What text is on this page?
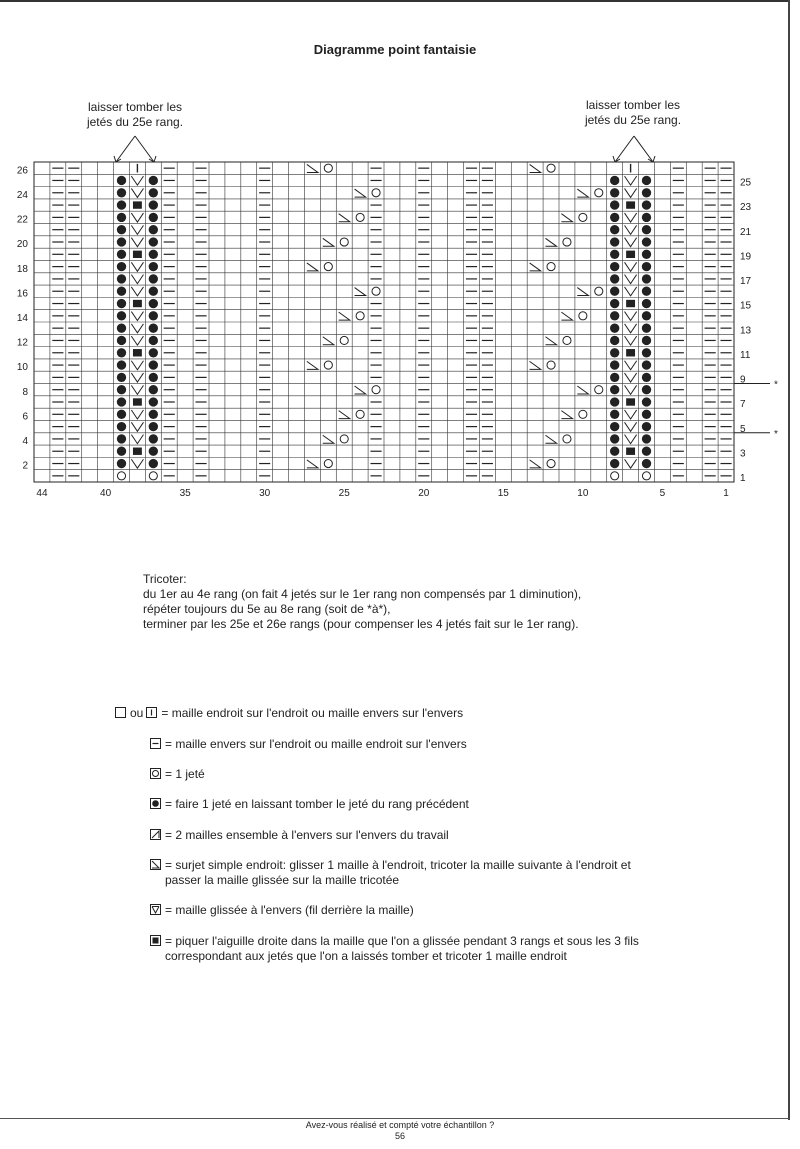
Diagramme point fantaisie
laisser tomber les
jetés du 25e rang.
laisser tomber les
jetés du 25e rang.
26
24
22
20
18
16
14
12
10
8
6
4
2
25
23
21
19
17
15
13
11
9
7
5
3
1
44	40	35	30	25	20	15	10	5	1
*
*
Tricoter:
du 1er au 4e rang (on fait 4 jetés sur le 1er rang non compensés par 1 diminution),
répéter toujours du 5e au 8e rang (soit de *à*),
terminer par les 25e et 26e rangs (pour compenser les 4 jetés fait sur le 1er rang).
ou = maille endroit sur l'endroit ou maille envers sur l'envers
= maille envers sur l'endroit ou maille endroit sur l'envers
= 1 jeté
= faire 1 jeté en laissant tomber le jeté du rang précédent
= 2 mailles ensemble à l'envers sur l'envers du travail
= surjet simple endroit: glisser 1 maille à l'endroit, tricoter la maille suivante à l'endroit et
passer la maille glissée sur la maille tricotée
= maille glissée à l'envers (fil derrière la maille)
= piquer l'aiguille droite dans la maille que l'on a glissée pendant 3 rangs et sous les 3 fils
correspondant aux jetés que l'on a laissés tomber et tricoter 1 maille endroit
Avez-vous réalisé et compté votre échantillon ?
56
